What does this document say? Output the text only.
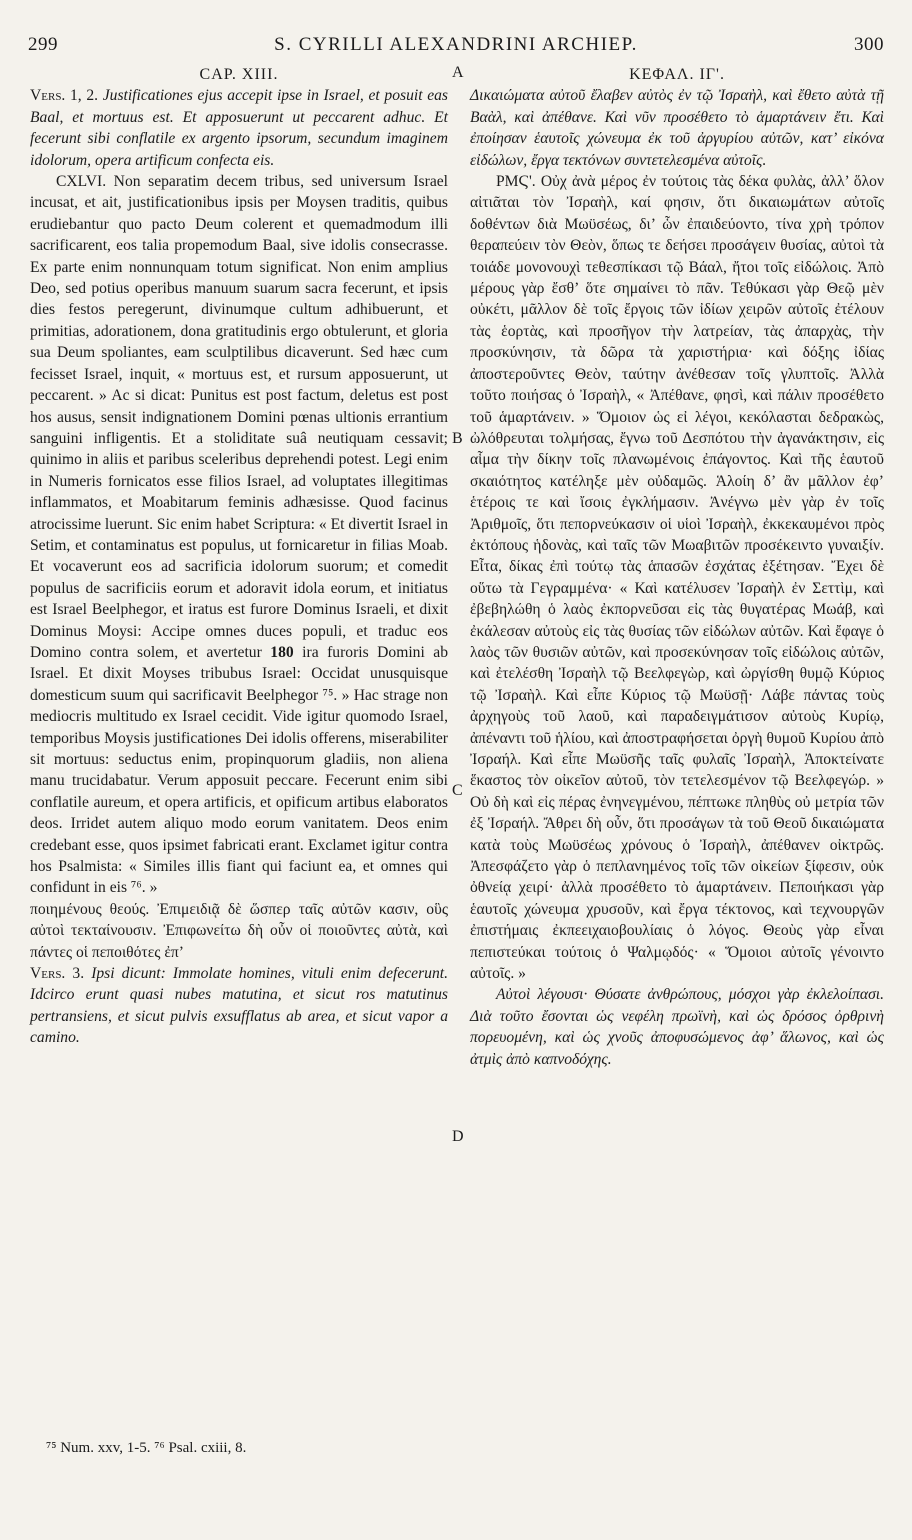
299	S. CYRILLI ALEXANDRINI ARCHIEP.	300

CAP. XIII.

Vers. 1, 2. Justificationes ejus accepit ipse in Israel, et posuit eas Baal, et mortuus est. Et apposuerunt ut peccarent adhuc. Et fecerunt sibi conflatile ex argento ipsorum, secundum imaginem idolorum, opera artificum confecta eis.

CXLVI. Non separatim decem tribus, sed universum Israel incusat, et ait, justificationibus ipsis per Moysen traditis, quibus erudiebantur quo pacto Deum colerent et quemadmodum illi sacrificarent, eos talia propemodum Baal, sive idolis consecrasse. Ex parte enim nonnunquam totum significat. Non enim amplius Deo, sed potius operibus manuum suarum sacra fecerunt, et ipsis dies festos peregerunt, divinumque cultum adhibuerunt, et primitias, adorationem, dona gratitudinis ergo obtulerunt, et gloria sua Deum spoliantes, eam sculptilibus dicaverunt. Sed hæc cum fecisset Israel, inquit, « mortuus est, et rursum apposuerunt, ut peccarent. » Ac si dicat: Punitus est post factum, deletus est post hos ausus, sensit indignationem Domini pœnas ultionis errantium sanguini infligentis. Et a stoliditate suâ neutiquam cessavit; quinimo in aliis et paribus sceleribus deprehendi potest. Legi enim in Numeris fornicatos esse filios Israel, ad voluptates illegitimas inflammatos, et Moabitarum feminis adhæsisse. Quod facinus atrocissime luerunt. Sic enim habet Scriptura: « Et divertit Israel in Setim, et contaminatus est populus, ut fornicaretur in filias Moab. Et vocaverunt eos ad sacrificia idolorum suorum; et comedit populus de sacrificiis eorum et adoravit idola eorum, et initiatus est Israel Beelphegor, et iratus est furore Dominus Israeli, et dixit Dominus Moysi: Accipe omnes duces populi, et traduc eos Domino contra solem, et avertetur 180 ira furoris Domini ab Israel. Et dixit Moyses tribubus Israel: Occidat unusquisque domesticum suum qui sacrificavit Beelphegor ⁷⁵. » Hac strage non mediocris multitudo ex Israel cecidit. Vide igitur quomodo Israel, temporibus Moysis justificationes Dei idolis offerens, miserabiliter sit mortuus: seductus enim, propinquorum gladiis, non aliena manu trucidabatur. Verum apposuit peccare. Fecerunt enim sibi conflatile aureum, et opera artificis, et opificum artibus elaboratos deos. Irridet autem aliquo modo eorum vanitatem. Deos enim credebant esse, quos ipsimet fabricati erant. Exclamet igitur contra hos Psalmista: « Similes illis fiant qui faciunt ea, et omnes qui confidunt in eis ⁷⁶. »

ποιημένους θεούς. Ἐπιμειδιᾷ δὲ ὥσπερ ταῖς αὐτῶν κασιν, οὓς αὐτοὶ τεκταίνουσιν. Ἐπιφωνείτω δὴ οὖν οἱ ποιοῦντες αὐτὰ, καὶ πάντες οἱ πεποιθότες ἐπ’

Vers. 3. Ipsi dicunt: Immolate homines, vituli enim defecerunt. Idcirco erunt quasi nubes matutina, et sicut ros matutinus pertransiens, et sicut pulvis exsufflatus ab area, et sicut vapor a camino.

ΚΕΦΑΛ. ΙΓ'.

Δικαιώματα αὐτοῦ ἔλαβεν αὐτὸς ἐν τῷ Ἰσραὴλ, καὶ ἔθετο αὐτὰ τῇ Βαὰλ, καὶ ἀπέθανε. Καὶ νῦν προσέθετο τὸ ἁμαρτάνειν ἔτι. Καὶ ἐποίησαν ἑαυτοῖς χώνευμα ἐκ τοῦ ἀργυρίου αὐτῶν, κατ’ εἰκόνα εἰδώλων, ἔργα τεκτόνων συντετελεσμένα αὐτοῖς.

ΡΜϚ'. Οὐχ ἀνὰ μέρος ἐν τούτοις τὰς δέκα φυλὰς, ἀλλ’ ὅλον αἰτιᾶται τὸν Ἰσραὴλ, καί φησιν, ὅτι δικαιωμάτων αὐτοῖς δοθέντων διὰ Μωϋσέως, δι’ ὧν ἐπαιδεύοντο, τίνα χρὴ τρόπον θεραπεύειν τὸν Θεὸν, ὅπως τε δεήσει προσάγειν θυσίας, αὐτοὶ τὰ τοιάδε μονονουχὶ τεθεσπίκασι τῷ Βάαλ, ἤτοι τοῖς εἰδώλοις. Ἀπὸ μέρους γὰρ ἔσθ’ ὅτε σημαίνει τὸ πᾶν. Τεθύκασι γὰρ Θεῷ μὲν οὐκέτι, μᾶλλον δὲ τοῖς ἔργοις τῶν ἰδίων χειρῶν αὐτοῖς ἐτέλουν τὰς ἑορτὰς, καὶ προσῆγον τὴν λατρείαν, τὰς ἀπαρχὰς, τὴν προσκύνησιν, τὰ δῶρα τὰ χαριστήρια· καὶ δόξης ἰδίας ἀποστεροῦντες Θεὸν, ταύτην ἀνέθεσαν τοῖς γλυπτοῖς. Ἀλλὰ τοῦτο ποιήσας ὁ Ἰσραὴλ, « Ἀπέθανε, φησὶ, καὶ πάλιν προσέθετο τοῦ ἁμαρτάνειν. » Ὅμοιον ὡς εἰ λέγοι, κεκόλασται δεδρακὼς, ὠλόθρευται τολμήσας, ἔγνω τοῦ Δεσπότου τὴν ἀγανάκτησιν, εἰς αἷμα τὴν δίκην τοῖς πλανωμένοις ἐπάγοντος. Καὶ τῆς ἑαυτοῦ σκαιότητος κατέληξε μὲν οὐδαμῶς. Ἁλοίη δ’ ἂν μᾶλλον ἐφ’ ἑτέροις τε καὶ ἴσοις ἐγκλήμασιν. Ἀνέγνω μὲν γὰρ ἐν τοῖς Ἀριθμοῖς, ὅτι πεπορνεύκασιν οἱ υἱοὶ Ἰσραὴλ, ἐκκεκαυμένοι πρὸς ἐκτόπους ἡδονὰς, καὶ ταῖς τῶν Μωαβιτῶν προσέκειντο γυναιξίν. Εἶτα, δίκας ἐπὶ τούτῳ τὰς ἁπασῶν ἐσχάτας ἐξέτησαν. Ἔχει δὲ οὕτω τὰ Γεγραμμένα· « Καὶ κατέλυσεν Ἰσραὴλ ἐν Σεττὶμ, καὶ ἐβεβηλώθη ὁ λαὸς ἐκπορνεῦσαι εἰς τὰς θυγατέρας Μωάβ, καὶ ἐκάλεσαν αὐτοὺς εἰς τὰς θυσίας τῶν εἰδώλων αὐτῶν. Καὶ ἔφαγε ὁ λαὸς τῶν θυσιῶν αὐτῶν, καὶ προσεκύνησαν τοῖς εἰδώλοις αὐτῶν, καὶ ἐτελέσθη Ἰσραὴλ τῷ Βεελφεγὼρ, καὶ ὠργίσθη θυμῷ Κύριος τῷ Ἰσραὴλ. Καὶ εἶπε Κύριος τῷ Μωϋσῇ· Λάβε πάντας τοὺς ἀρχηγοὺς τοῦ λαοῦ, καὶ παραδειγμάτισον αὐτοὺς Κυρίῳ, ἀπέναντι τοῦ ἡλίου, καὶ ἀποστραφήσεται ὀργὴ θυμοῦ Κυρίου ἀπὸ Ἰσραήλ. Καὶ εἶπε Μωϋσῆς ταῖς φυλαῖς Ἰσραὴλ, Ἀποκτείνατε ἕκαστος τὸν οἰκεῖον αὐτοῦ, τὸν τετελεσμένον τῷ Βεελφεγώρ. » Οὐ δὴ καὶ εἰς πέρας ἐνηνεγμένου, πέπτωκε πληθὺς οὐ μετρία τῶν ἐξ Ἰσραήλ. Ἄθρει δὴ οὖν, ὅτι προσάγων τὰ τοῦ Θεοῦ δικαιώματα κατὰ τοὺς Μωϋσέως χρόνους ὁ Ἰσραὴλ, ἀπέθανεν οἰκτρῶς. Ἀπεσφάζετο γὰρ ὁ πεπλανημένος τοῖς τῶν οἰκείων ξίφεσιν, οὐκ ὀθνείᾳ χειρί· ἀλλὰ προσέθετο τὸ ἁμαρτάνειν. Πεποιήκασι γὰρ ἑαυτοῖς χώνευμα χρυσοῦν, καὶ ἔργα τέκτονος, καὶ τεχνουργῶν ἐπιστήμαις ἐκπεειχαιοβουλίαις ὁ λόγος. Θεοὺς γὰρ εἶναι πεπιστεύκαι τούτοις ὁ Ψαλμῳδός· « Ὅμοιοι αὐτοῖς γένοιντο αὐτοῖς. »

Αὐτοὶ λέγουσι· Θύσατε ἀνθρώπους, μόσχοι γὰρ ἐκλελοίπασι. Διὰ τοῦτο ἔσονται ὡς νεφέλη πρωϊνὴ, καὶ ὡς δρόσος ὀρθρινὴ πορευομένη, καὶ ὡς χνοῦς ἀποφυσώμενος ἀφ’ ἅλωνος, καὶ ὡς ἀτμὶς ἀπὸ καπνοδόχης.

A
B
C
D
⁷⁵ Num. xxv, 1-5. ⁷⁶ Psal. cxiii, 8.
